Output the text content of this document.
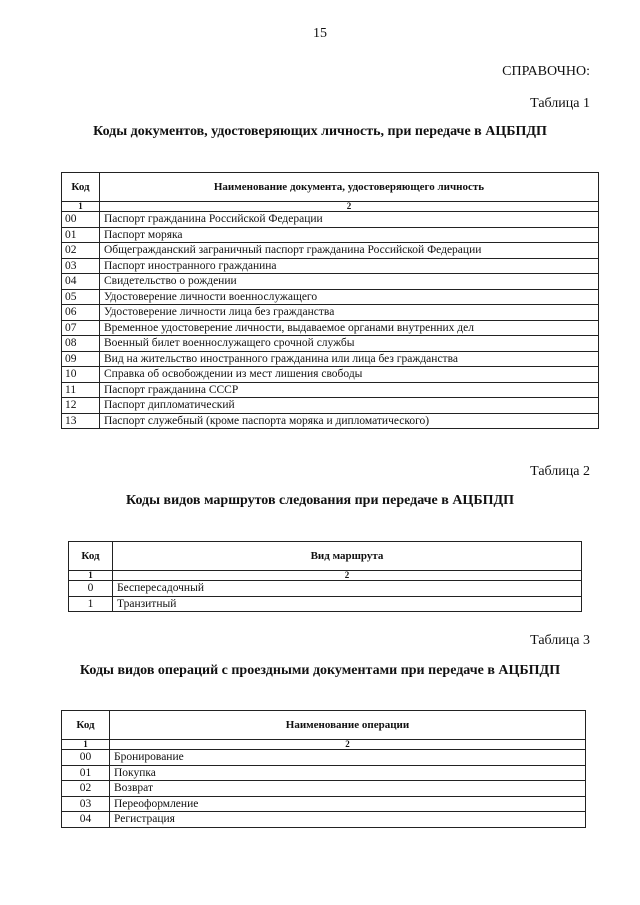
15
СПРАВОЧНО:
Таблица 1
Коды документов, удостоверяющих личность, при передаче в АЦБПДП
Код	Наименование документа, удостоверяющего личность
1	2
00	Паспорт гражданина Российской Федерации
01	Паспорт моряка
02	Общегражданский заграничный паспорт гражданина Российской Федерации
03	Паспорт иностранного гражданина
04	Свидетельство о рождении
05	Удостоверение личности военнослужащего
06	Удостоверение личности лица без гражданства
07	Временное удостоверение личности, выдаваемое органами внутренних дел
08	Военный билет военнослужащего срочной службы
09	Вид на жительство иностранного гражданина или лица без гражданства
10	Справка об освобождении из мест лишения свободы
11	Паспорт гражданина СССР
12	Паспорт дипломатический
13	Паспорт служебный (кроме паспорта моряка и дипломатического)
Таблица 2
Коды видов маршрутов следования при передаче в АЦБПДП
Код	Вид маршрута
1	2
0	Беспересадочный
1	Транзитный
Таблица 3
Коды видов операций с проездными документами при передаче в АЦБПДП
Код	Наименование операции
1	2
00	Бронирование
01	Покупка
02	Возврат
03	Переоформление
04	Регистрация
